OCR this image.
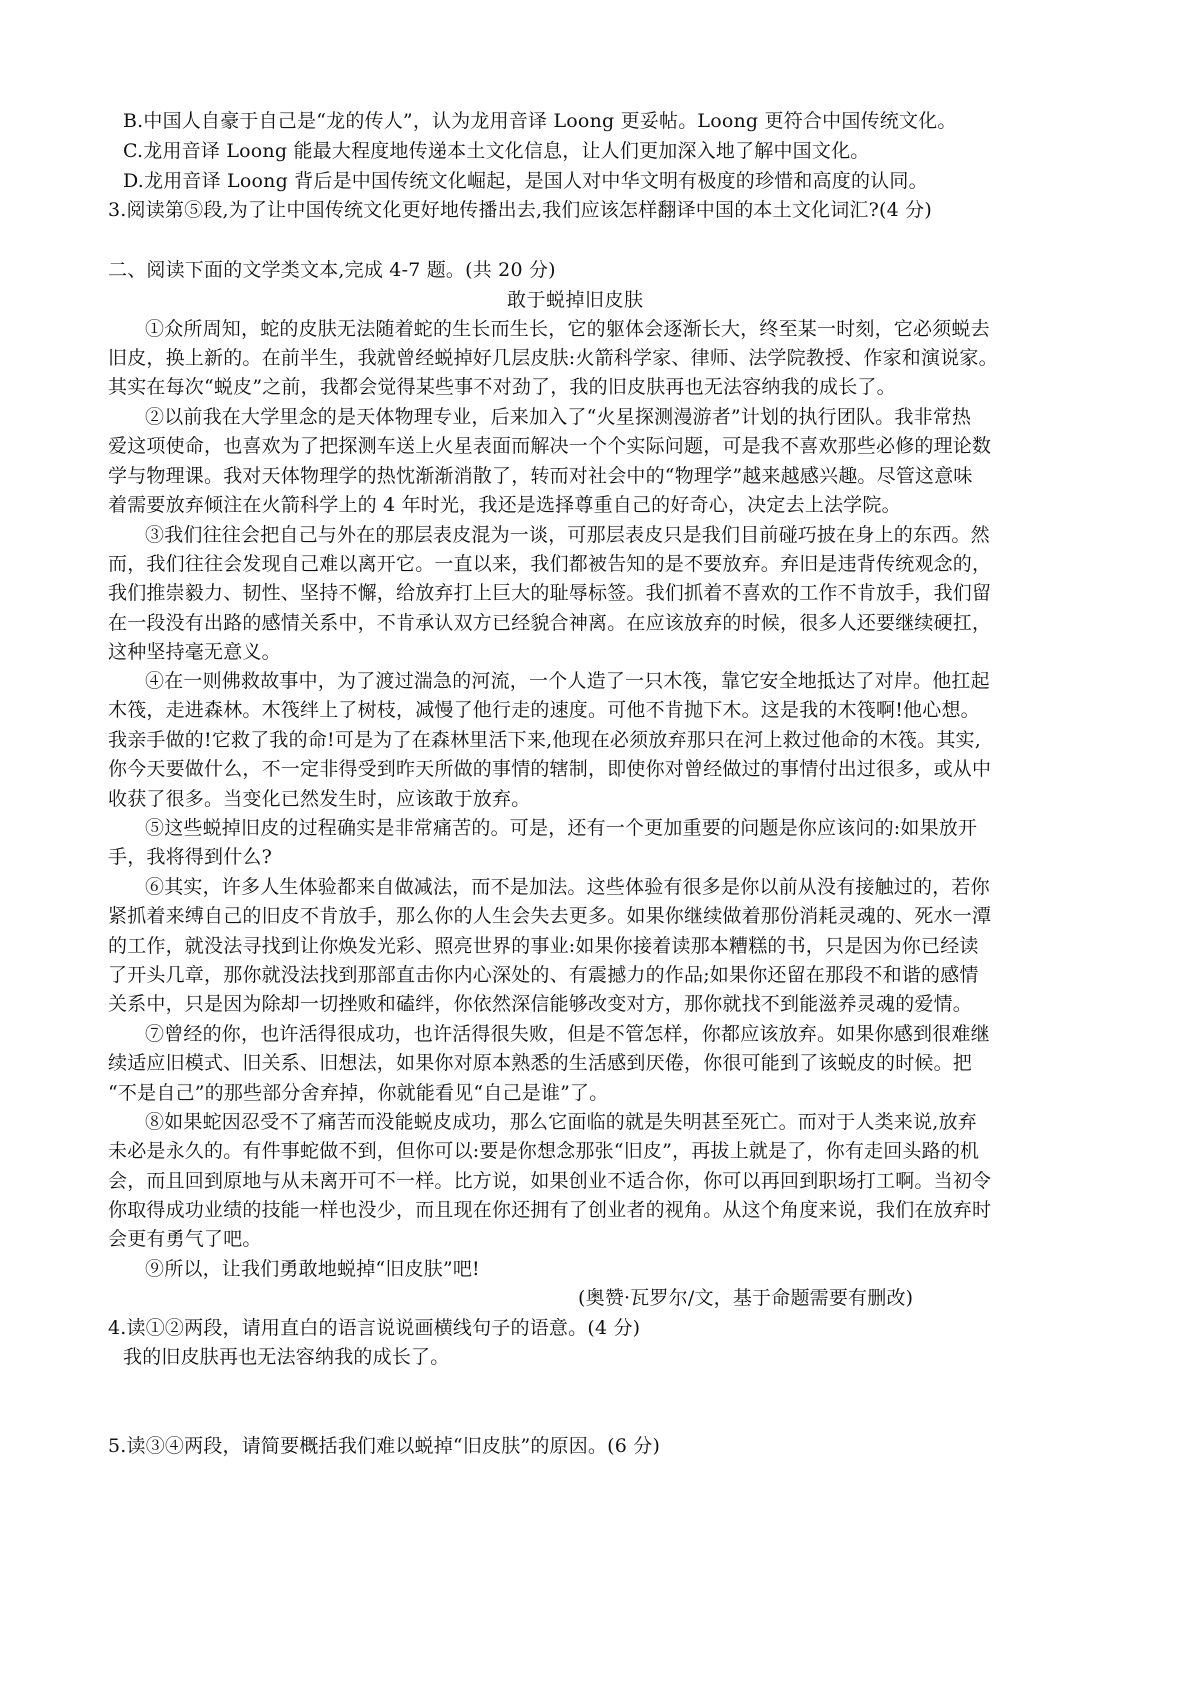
B.中国人自豪于自己是“龙的传人”，认为龙用音译 Loong 更妥帖。Loong 更符合中国传统文化。
C.龙用音译 Loong 能最大程度地传递本土文化信息，让人们更加深入地了解中国文化。
D.龙用音译 Loong 背后是中国传统文化崛起，是国人对中华文明有极度的珍惜和高度的认同。
3.阅读第⑤段,为了让中国传统文化更好地传播出去,我们应该怎样翻译中国的本土文化词汇?(4 分)
二、阅读下面的文学类文本,完成 4-7 题。(共 20 分)
敢于蜕掉旧皮肤
①众所周知，蛇的皮肤无法随着蛇的生长而生长，它的躯体会逐渐长大，终至某一时刻，它必须蜕去
旧皮，换上新的。在前半生，我就曾经蜕掉好几层皮肤:火箭科学家、律师、法学院教授、作家和演说家。
其实在每次“蜕皮”之前，我都会觉得某些事不对劲了，我的旧皮肤再也无法容纳我的成长了。
②以前我在大学里念的是天体物理专业，后来加入了“火星探测漫游者”计划的执行团队。我非常热
爱这项使命，也喜欢为了把探测车送上火星表面而解决一个个实际问题，可是我不喜欢那些必修的理论数
学与物理课。我对天体物理学的热忱渐渐消散了，转而对社会中的“物理学”越来越感兴趣。尽管这意味
着需要放弃倾注在火箭科学上的 4 年时光，我还是选择尊重自己的好奇心，决定去上法学院。
③我们往往会把自己与外在的那层表皮混为一谈，可那层表皮只是我们目前碰巧披在身上的东西。然
而，我们往往会发现自己难以离开它。一直以来，我们都被告知的是不要放弃。弃旧是违背传统观念的，
我们推崇毅力、韧性、坚持不懈，给放弃打上巨大的耻辱标签。我们抓着不喜欢的工作不肯放手，我们留
在一段没有出路的感情关系中，不肯承认双方已经貌合神离。在应该放弃的时候，很多人还要继续硬扛，
这种坚持毫无意义。
④在一则佛救故事中，为了渡过湍急的河流，一个人造了一只木筏，靠它安全地抵达了对岸。他扛起
木筏，走进森林。木筏绊上了树枝，减慢了他行走的速度。可他不肯抛下木。这是我的木筏啊!他心想。
我亲手做的!它救了我的命!可是为了在森林里活下来,他现在必须放弃那只在河上救过他命的木筏。其实,
你今天要做什么，不一定非得受到昨天所做的事情的辖制，即使你对曾经做过的事情付出过很多，或从中
收获了很多。当变化已然发生时，应该敢于放弃。
⑤这些蜕掉旧皮的过程确实是非常痛苦的。可是，还有一个更加重要的问题是你应该问的:如果放开
手，我将得到什么?
⑥其实，许多人生体验都来自做减法，而不是加法。这些体验有很多是你以前从没有接触过的，若你
紧抓着来缚自己的旧皮不肯放手，那么你的人生会失去更多。如果你继续做着那份消耗灵魂的、死水一潭
的工作，就没法寻找到让你焕发光彩、照亮世界的事业:如果你接着读那本糟糕的书，只是因为你已经读
了开头几章，那你就没法找到那部直击你内心深处的、有震撼力的作品;如果你还留在那段不和谐的感情
关系中，只是因为除却一切挫败和磕绊，你依然深信能够改变对方，那你就找不到能滋养灵魂的爱情。
⑦曾经的你，也许活得很成功，也许活得很失败，但是不管怎样，你都应该放弃。如果你感到很难继
续适应旧模式、旧关系、旧想法，如果你对原本熟悉的生活感到厌倦，你很可能到了该蜕皮的时候。把
“不是自己”的那些部分舍弃掉，你就能看见“自己是谁”了。
⑧如果蛇因忍受不了痛苦而没能蜕皮成功，那么它面临的就是失明甚至死亡。而对于人类来说,放弃
未必是永久的。有件事蛇做不到，但你可以:要是你想念那张“旧皮”，再拔上就是了，你有走回头路的机
会，而且回到原地与从未离开可不一样。比方说，如果创业不适合你，你可以再回到职场打工啊。当初令
你取得成功业绩的技能一样也没少，而且现在你还拥有了创业者的视角。从这个角度来说，我们在放弃时
会更有勇气了吧。
⑨所以，让我们勇敢地蜕掉“旧皮肤”吧!
(奥赞·瓦罗尔/文，基于命题需要有删改)
4.读①②两段，请用直白的语言说说画横线句子的语意。(4 分)
我的旧皮肤再也无法容纳我的成长了。
5.读③④两段，请简要概括我们难以蜕掉“旧皮肤”的原因。(6 分)
